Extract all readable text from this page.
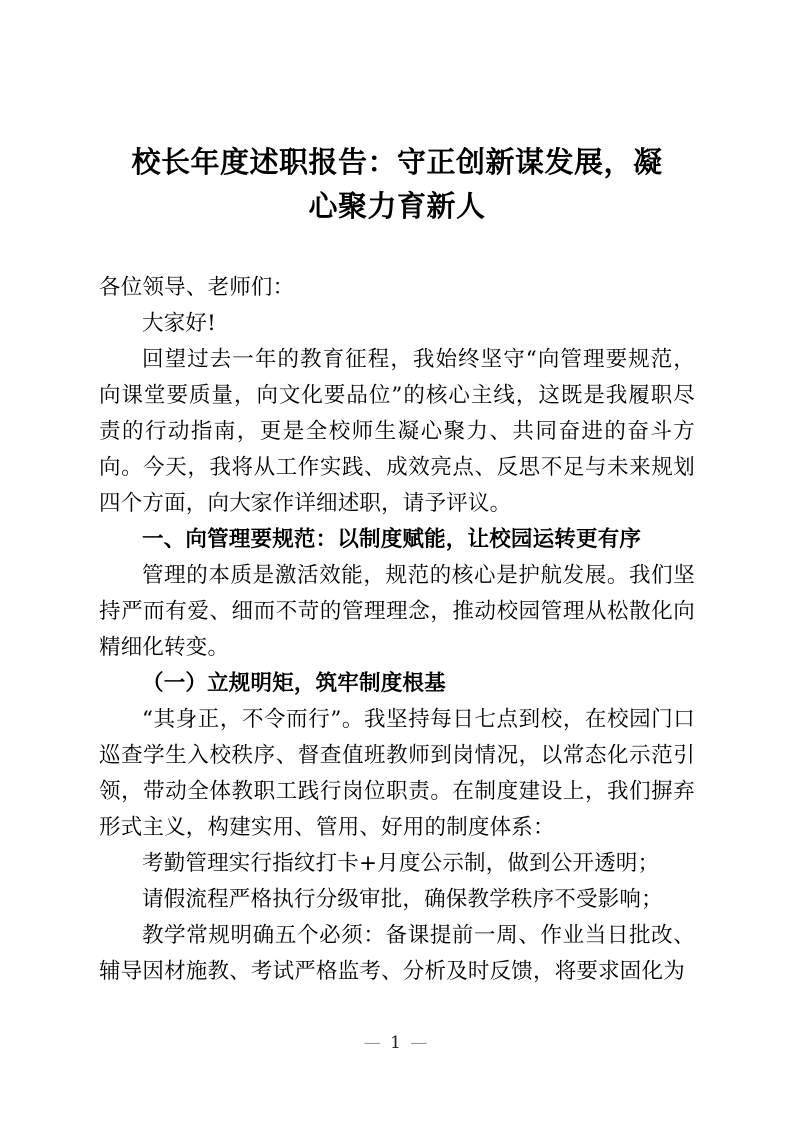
校长年度述职报告：守正创新谋发展，凝
心聚力育新人

各位领导、老师们：

大家好!

回望过去一年的教育征程，我始终坚守“向管理要规范，向课堂要质量，向文化要品位”的核心主线，这既是我履职尽责的行动指南，更是全校师生凝心聚力、共同奋进的奋斗方向。今天，我将从工作实践、成效亮点、反思不足与未来规划四个方面，向大家作详细述职，请予评议。

一、向管理要规范：以制度赋能，让校园运转更有序

管理的本质是激活效能，规范的核心是护航发展。我们坚持严而有爱、细而不苛的管理理念，推动校园管理从松散化向精细化转变。

（一）立规明矩，筑牢制度根基

“其身正，不令而行”。我坚持每日七点到校，在校园门口巡查学生入校秩序、督查值班教师到岗情况，以常态化示范引领，带动全体教职工践行岗位职责。在制度建设上，我们摒弃形式主义，构建实用、管用、好用的制度体系：

考勤管理实行指纹打卡+月度公示制，做到公开透明；

请假流程严格执行分级审批，确保教学秩序不受影响；

教学常规明确五个必须：备课提前一周、作业当日批改、辅导因材施教、考试严格监考、分析及时反馈，将要求固化为

— 1 —
